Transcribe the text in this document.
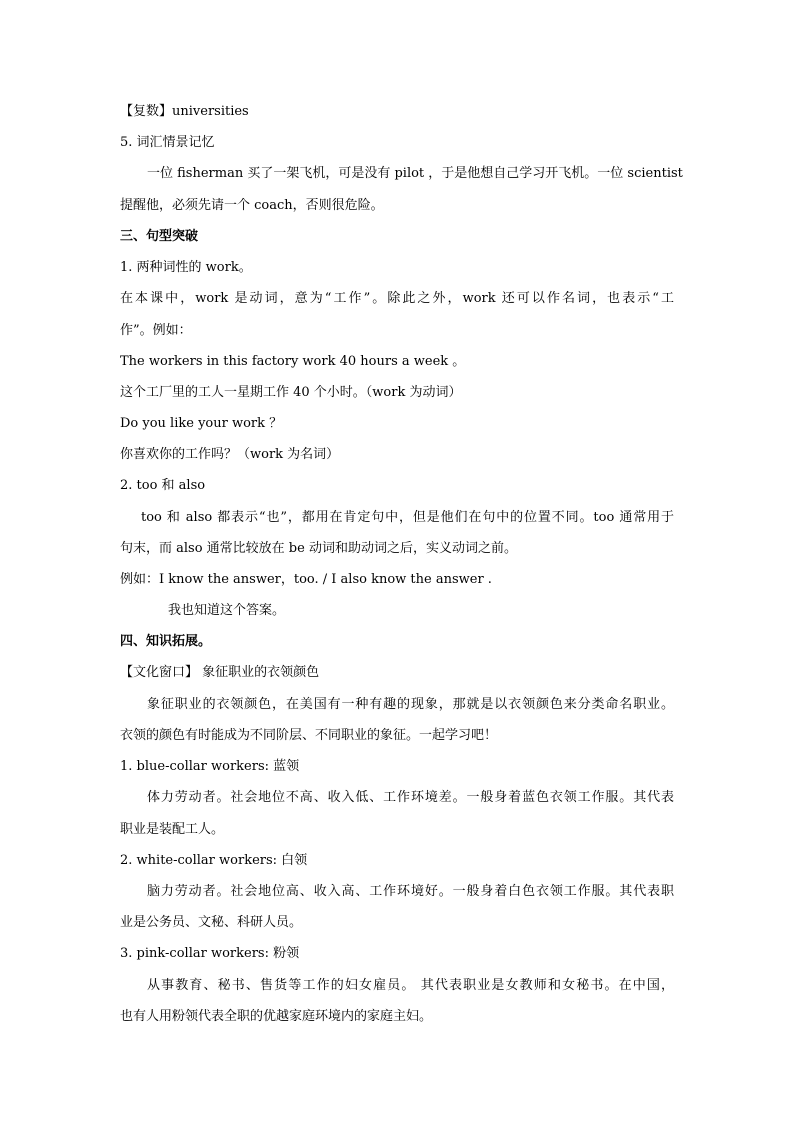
【复数】universities
5. 词汇情景记忆
一位 fisherman 买了一架飞机，可是没有 pilot ，于是他想自己学习开飞机。一位 scientist
提醒他，必须先请一个 coach，否则很危险。
三、句型突破
1. 两种词性的 work。
在本课中，work 是动词，意为“工作”。除此之外，work 还可以作名词，也表示“工
作”。例如：
The workers in this factory work 40 hours a week 。
这个工厂里的工人一星期工作 40 个小时。（work 为动词）
Do you like your work ？
你喜欢你的工作吗？（work 为名词）
2. too 和 also
too 和 also 都表示“也”，都用在肯定句中，但是他们在句中的位置不同。too 通常用于
句末，而 also 通常比较放在 be 动词和助动词之后，实义动词之前。
例如：I know the answer，too. / I also know the answer .
我也知道这个答案。
四、知识拓展。
【文化窗口】 象征职业的衣领颜色
象征职业的衣领颜色，在美国有一种有趣的现象，那就是以衣领颜色来分类命名职业。
衣领的颜色有时能成为不同阶层、不同职业的象征。一起学习吧！
1. blue-collar workers: 蓝领
体力劳动者。社会地位不高、收入低、工作环境差。一般身着蓝色衣领工作服。其代表
职业是装配工人。
2. white-collar workers: 白领
脑力劳动者。社会地位高、收入高、工作环境好。一般身着白色衣领工作服。其代表职
业是公务员、文秘、科研人员。
3. pink-collar workers: 粉领
从事教育、秘书、售货等工作的妇女雇员。 其代表职业是女教师和女秘书。在中国，
也有人用粉领代表全职的优越家庭环境内的家庭主妇。
